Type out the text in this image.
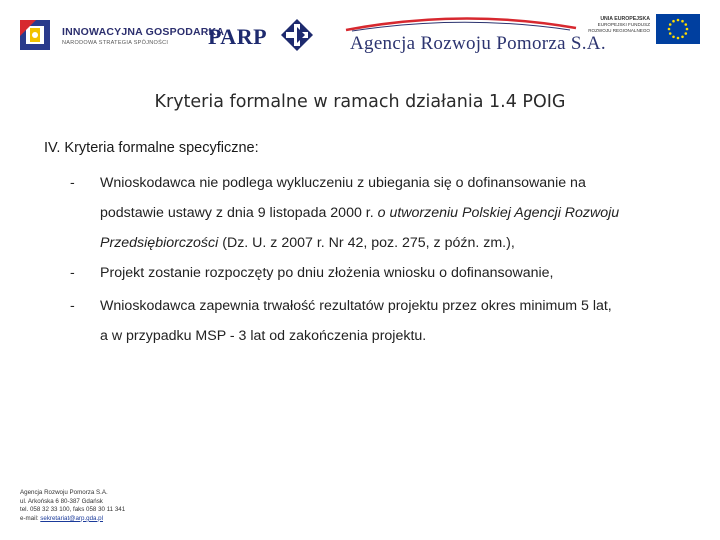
INNOWACYJNA GOSPODARKA
NARODOWA STRATEGIA SPÓJNOŚCI PARP	Agencja Rozwoju Pomorza S.A.
UNIA EUROPEJSKA
EUROPEJSKI FUNDUSZ
ROZWOJU REGIONALNEGO
Kryteria formalne w ramach działania 1.4 POIG
IV. Kryteria formalne specyficzne:
- Wnioskodawca nie podlega wykluczeniu z ubiegania się o dofinansowanie na
podstawie ustawy z dnia 9 listopada 2000 r. o utworzeniu Polskiej Agencji Rozwoju
Przedsiębiorczości (Dz. U. z 2007 r. Nr 42, poz. 275, z późn. zm.),
- Projekt zostanie rozpoczęty po dniu złożenia wniosku o dofinansowanie,
- Wnioskodawca zapewnia trwałość rezultatów projektu przez okres minimum 5 lat,
a w przypadku MSP - 3 lat od zakończenia projektu.
Agencja Rozwoju Pomorza S.A.
ul. Arkońska 6 80-387 Gdańsk
tel. 058 32 33 100, faks 058 30 11 341
e-mail: sekretariat@arp.gda.pl
